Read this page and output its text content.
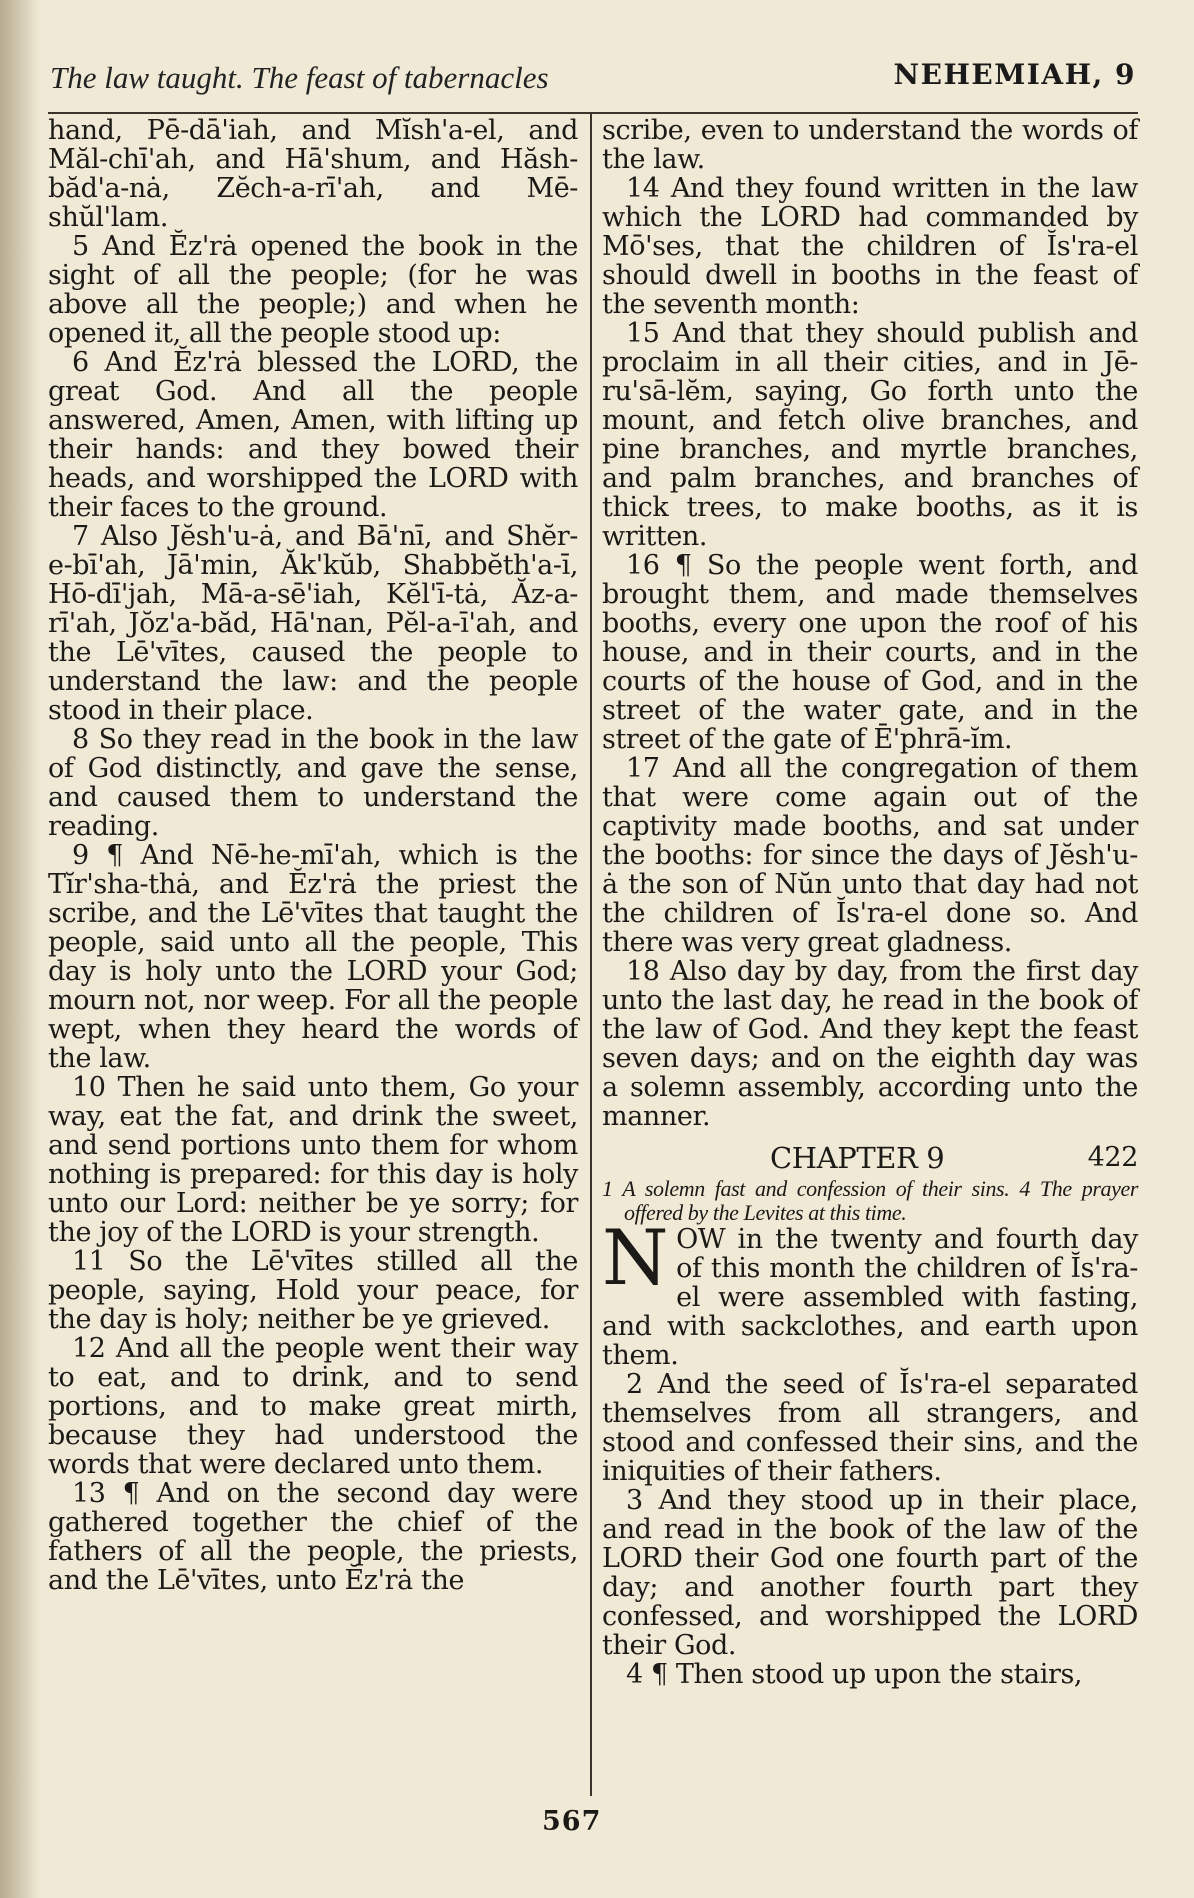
The law taught. The feast of tabernacles	NEHEMIAH, 9

hand, Pē-dā'iah, and Mĭsh'a-el, and Măl-chī'ah, and Hā'shum, and Hăsh-băd'a-nȧ, Zĕch-a-rī'ah, and Mē-shŭl'lam.

5 And Ĕz'rȧ opened the book in the sight of all the people; (for he was above all the people;) and when he opened it, all the people stood up:

6 And Ĕz'rȧ blessed the LORD, the great God. And all the people answered, Amen, Amen, with lifting up their hands: and they bowed their heads, and worshipped the LORD with their faces to the ground.

7 Also Jĕsh'u-ȧ, and Bā'nī, and Shĕr-e-bī'ah, Jā'min, Ăk'kŭb, Shabbĕth'a-ī, Hō-dī'jah, Mā-a-sē'iah, Kĕl'ī-tȧ, Ăz-a-rī'ah, Jŏz'a-băd, Hā'nan, Pĕl-a-ī'ah, and the Lē'vītes, caused the people to understand the law: and the people stood in their place.

8 So they read in the book in the law of God distinctly, and gave the sense, and caused them to understand the reading.

9 ¶ And Nē-he-mī'ah, which is the Tĭr'sha-thȧ, and Ĕz'rȧ the priest the scribe, and the Lē'vītes that taught the people, said unto all the people, This day is holy unto the LORD your God; mourn not, nor weep. For all the people wept, when they heard the words of the law.

10 Then he said unto them, Go your way, eat the fat, and drink the sweet, and send portions unto them for whom nothing is prepared: for this day is holy unto our Lord: neither be ye sorry; for the joy of the LORD is your strength.

11 So the Lē'vītes stilled all the people, saying, Hold your peace, for the day is holy; neither be ye grieved.

12 And all the people went their way to eat, and to drink, and to send portions, and to make great mirth, because they had understood the words that were declared unto them.

13 ¶ And on the second day were gathered together the chief of the fathers of all the people, the priests, and the Lē'vītes, unto Ĕz'rȧ the

scribe, even to understand the words of the law.

14 And they found written in the law which the LORD had commanded by Mō'ses, that the children of Ĭs'ra-el should dwell in booths in the feast of the seventh month:

15 And that they should publish and proclaim in all their cities, and in Jē-ru'sā-lĕm, saying, Go forth unto the mount, and fetch olive branches, and pine branches, and myrtle branches, and palm branches, and branches of thick trees, to make booths, as it is written.

16 ¶ So the people went forth, and brought them, and made themselves booths, every one upon the roof of his house, and in their courts, and in the courts of the house of God, and in the street of the water gate, and in the street of the gate of Ē'phrā-ĭm.

17 And all the congregation of them that were come again out of the captivity made booths, and sat under the booths: for since the days of Jĕsh'u-ȧ the son of Nŭn unto that day had not the children of Ĭs'ra-el done so. And there was very great gladness.

18 Also day by day, from the first day unto the last day, he read in the book of the law of God. And they kept the feast seven days; and on the eighth day was a solemn assembly, according unto the manner.

CHAPTER 9	422

1 A solemn fast and confession of their sins. 4 The prayer offered by the Levites at this time.

NOW in the twenty and fourth day of this month the children of Ĭs'ra-el were assembled with fasting, and with sackclothes, and earth upon them.

2 And the seed of Ĭs'ra-el separated themselves from all strangers, and stood and confessed their sins, and the iniquities of their fathers.

3 And they stood up in their place, and read in the book of the law of the LORD their God one fourth part of the day; and another fourth part they confessed, and worshipped the LORD their God.

4 ¶ Then stood up upon the stairs,

567
